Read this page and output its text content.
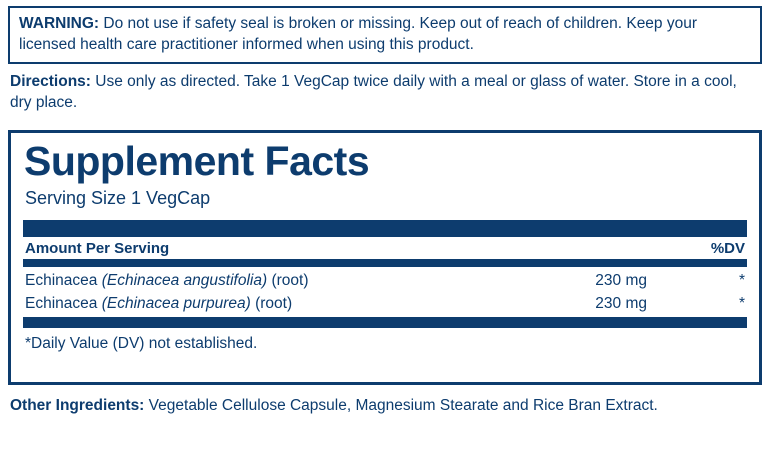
WARNING: Do not use if safety seal is broken or missing. Keep out of reach of children. Keep your licensed health care practitioner informed when using this product.
Directions: Use only as directed. Take 1 VegCap twice daily with a meal or glass of water. Store in a cool, dry place.
Supplement Facts
Serving Size 1 VegCap
Amount Per Serving	%DV
Echinacea (Echinacea angustifolia) (root)	230 mg	*
Echinacea (Echinacea purpurea) (root)	230 mg	*
*Daily Value (DV) not established.
Other Ingredients: Vegetable Cellulose Capsule, Magnesium Stearate and Rice Bran Extract.
